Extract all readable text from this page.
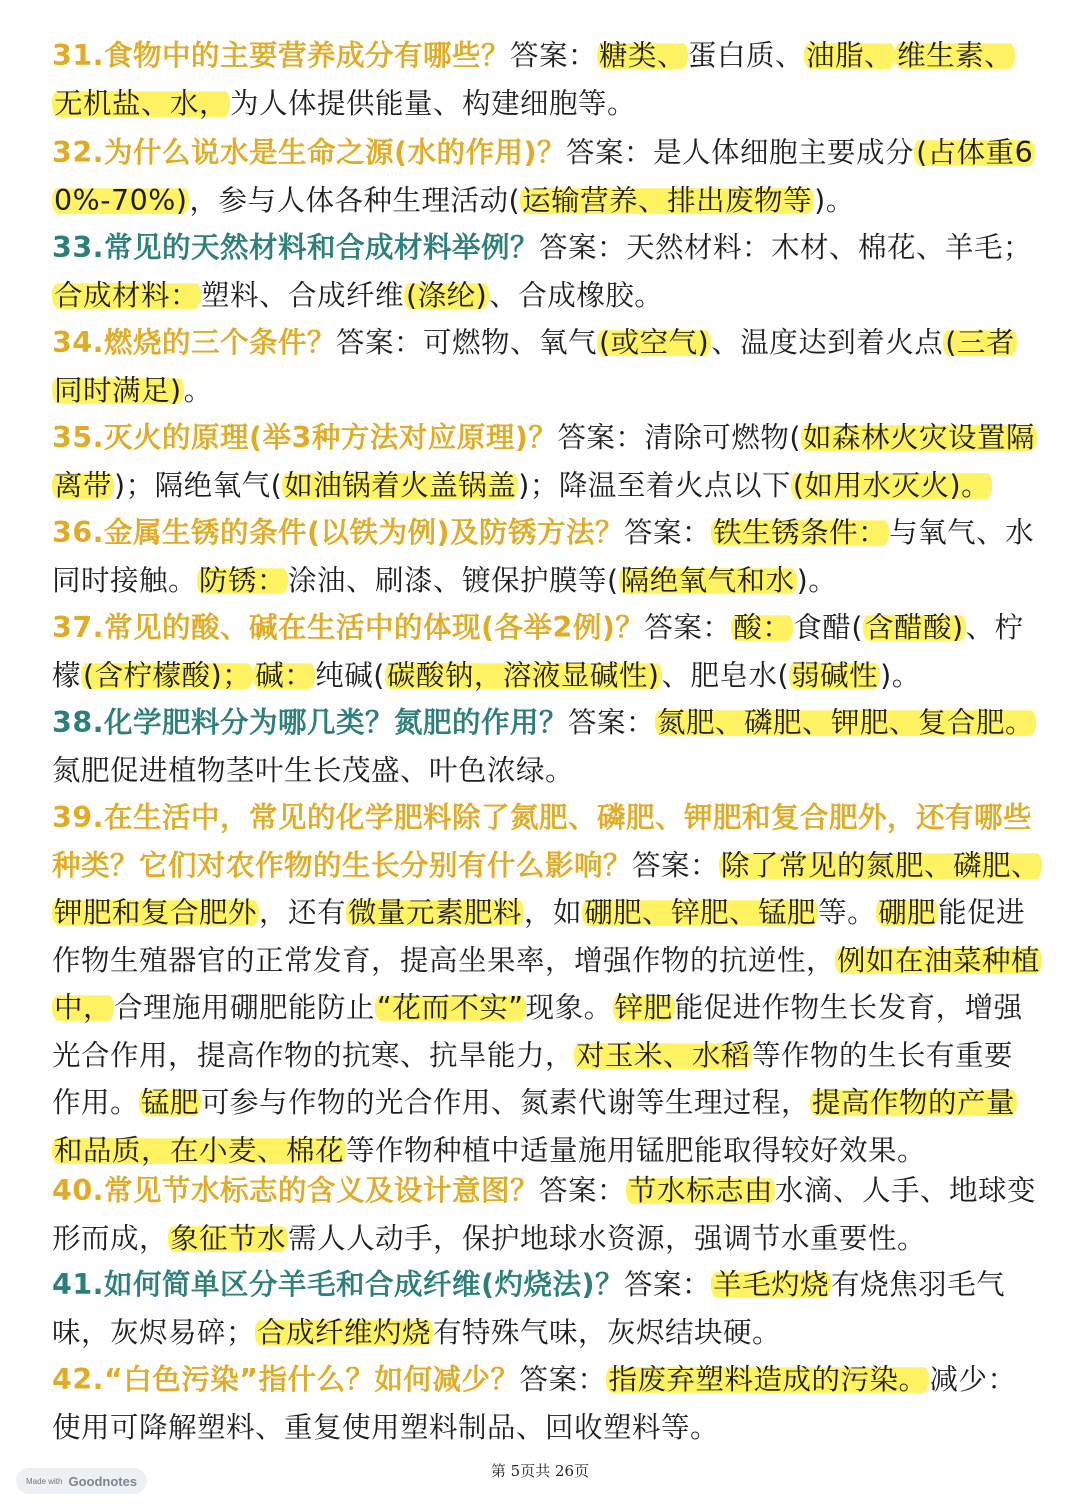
31.食物中的主要营养成分有哪些？答案：糖类、蛋白质、油脂、 维生素、无机盐、水，为人体提供能量、构建细胞等。
32.为什么说水是生命之源(水的作用)？答案：是人体细胞主要成分(占体重60%-70%)，参与人体各种生理活动(运输营养、排出废物等)。
33.常见的天然材料和合成材料举例？答案：天然材料：木材、棉花、羊毛；合成材料：塑料、合成纤维(涤纶)、合成橡胶。
34.燃烧的三个条件？答案：可燃物、氧气(或空气)、温度达到着火点(三者同时满足)。
35.灭火的原理(举3种方法对应原理)？答案：清除可燃物(如森林火灾设置隔离带)；隔绝氧气(如油锅着火盖锅盖)；降温至着火点以下(如用水灭火)。
36.金属生锈的条件(以铁为例)及防锈方法？答案：铁生锈条件：与氧气、水同时接触。防锈：涂油、刷漆、镀保护膜等(隔绝氧气和水)。
37.常见的酸、碱在生活中的体现(各举2例)？答案：酸：食醋(含醋酸)、柠檬(含柠檬酸)； 碱：纯碱(碳酸钠，溶液显碱性)、肥皂水(弱碱性)。
38.化学肥料分为哪几类？氮肥的作用？答案：氮肥、磷肥、钾肥、复合肥。氮肥促进植物茎叶生长茂盛、叶色浓绿。
39.在生活中，常见的化学肥料除了氮肥、磷肥、钾肥和复合肥外，还有哪些种类？它们对农作物的生长分别有什么影响？答案：除了常见的氮肥、磷肥、钾肥和复合肥外，还有微量元素肥料，如硼肥、锌肥、锰肥等。硼肥能促进作物生殖器官的正常发育，提高坐果率，增强作物的抗逆性，例如在油菜种植中，合理施用硼肥能防止“花而不实”现象。锌肥能促进作物生长发育，增强光合作用，提高作物的抗寒、抗旱能力，对玉米、水稻等作物的生长有重要作用。锰肥可参与作物的光合作用、氮素代谢等生理过程，提高作物的产量和品质，在小麦、棉花等作物种植中适量施用锰肥能取得较好效果。
40.常见节水标志的含义及设计意图？答案：节水标志由水滴、人手、地球变形而成，象征节水需人人动手，保护地球水资源，强调节水重要性。
41.如何简单区分羊毛和合成纤维(灼烧法)？答案：羊毛灼烧有烧焦羽毛气味，灰烬易碎；合成纤维灼烧有特殊气味，灰烬结块硬。
42.“白色污染”指什么？如何减少？答案：指废弃塑料造成的污染。减少：使用可降解塑料、重复使用塑料制品、回收塑料等。
第 5页共 26页
Made with Goodnotes
